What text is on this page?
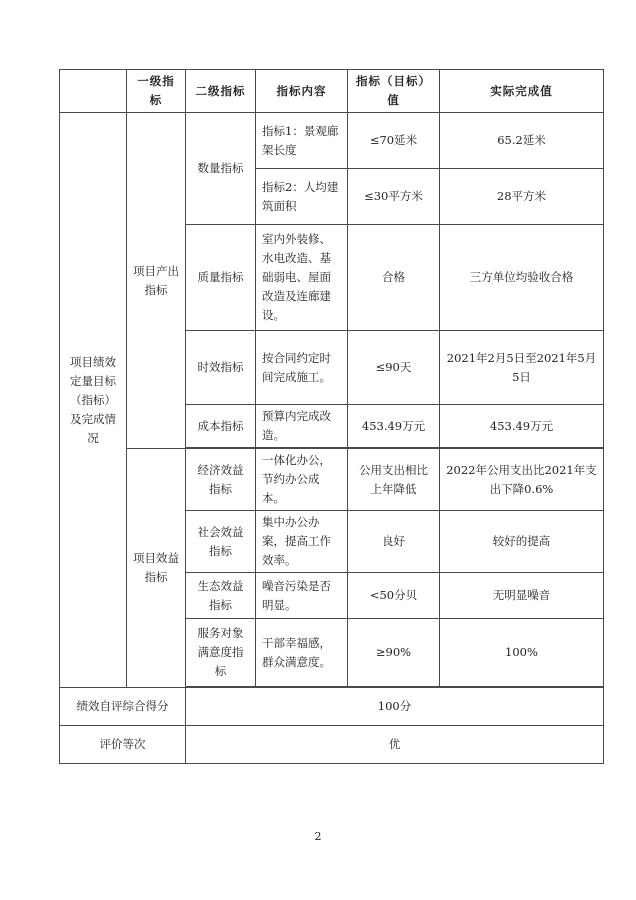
	一级指标	二级指标	指标内容	指标（目标）值	实际完成值
项目绩效定量目标（指标）及完成情况	项目产出指标	数量指标	指标1：景观廊架长度	≤70延米	65.2延米
			指标2：人均建筑面积	≤30平方米	28平方米
		质量指标	室内外装修、水电改造、基础弱电、屋面改造及连廊建设。	合格	三方单位均验收合格
		时效指标	按合同约定时间完成施工。	≤90天	2021年2月5日至2021年5月5日
		成本指标	预算内完成改造。	453.49万元	453.49万元

	项目效益指标	经济效益指标	一体化办公，节约办公成本。	公用支出相比上年降低	2022年公用支出比2021年支出下降0.6%
		社会效益指标	集中办公办案，提高工作效率。	良好	较好的提高
		生态效益指标	噪音污染是否明显。	<50分贝	无明显噪音
		服务对象满意度指标	干部幸福感，群众满意度。	≥90%	100%

绩效自评综合得分		100分			
评价等次		优			
2
